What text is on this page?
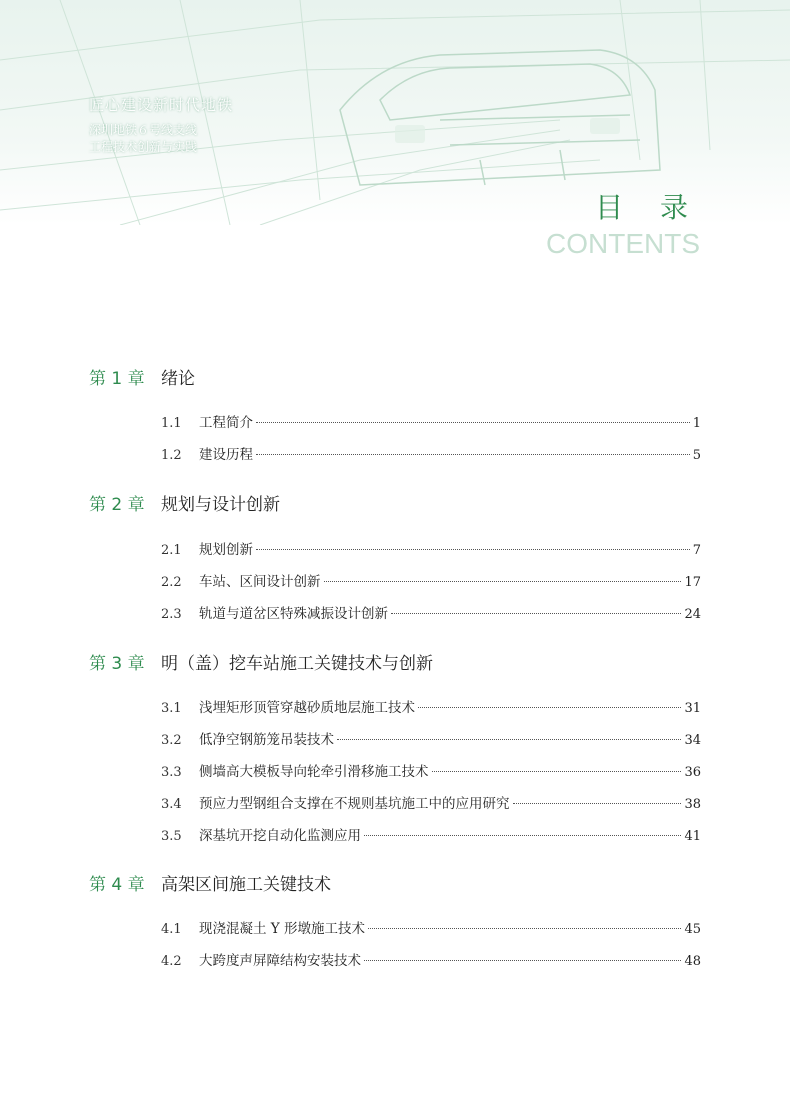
匠心建设新时代地铁
深圳地铁６号线支线
工程技术创新与实践
目 录
CONTENTS
第 1 章 绪论
1.1	工程简介	1
1.2	建设历程	5
第 2 章 规划与设计创新
2.1	规划创新	7
2.2	车站、区间设计创新	17
2.3	轨道与道岔区特殊减振设计创新	24
第 3 章 明（盖）挖车站施工关键技术与创新
3.1	浅埋矩形顶管穿越砂质地层施工技术	31
3.2	低净空钢筋笼吊装技术	34
3.3	侧墙高大模板导向轮牵引滑移施工技术	36
3.4	预应力型钢组合支撑在不规则基坑施工中的应用研究	38
3.5	深基坑开挖自动化监测应用	41
第 4 章 高架区间施工关键技术
4.1	现浇混凝土 Y 形墩施工技术	45
4.2	大跨度声屏障结构安装技术	48
